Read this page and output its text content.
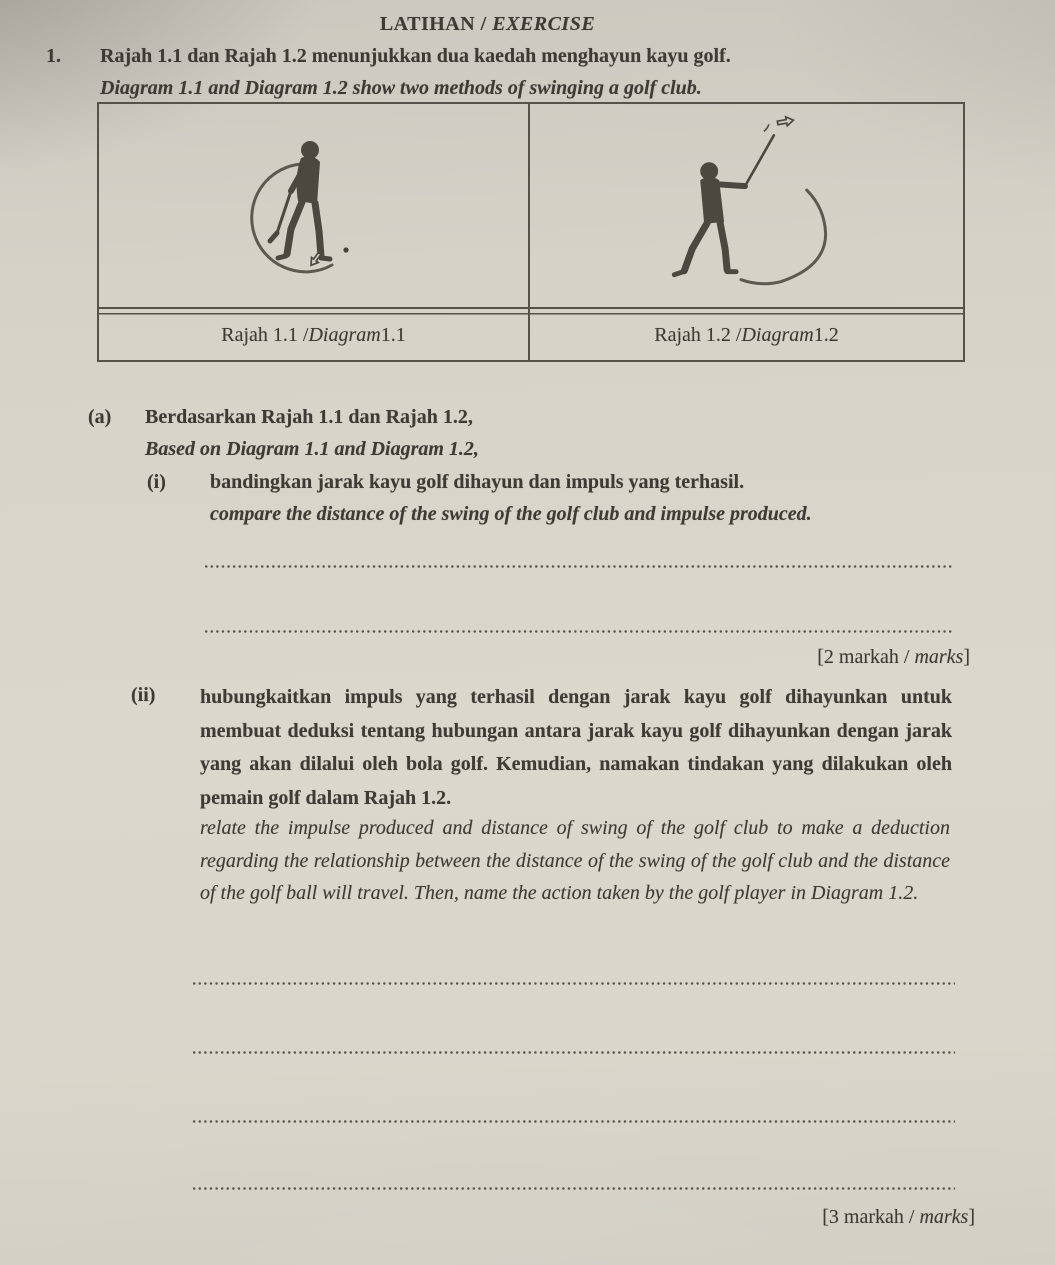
LATIHAN / EXERCISE
1. Rajah 1.1 dan Rajah 1.2 menunjukkan dua kaedah menghayun kayu golf.
Diagram 1.1 and Diagram 1.2 show two methods of swinging a golf club.
Rajah 1.1 / Diagram 1.1	Rajah 1.2 / Diagram 1.2
(a) Berdasarkan Rajah 1.1 dan Rajah 1.2,
Based on Diagram 1.1 and Diagram 1.2,
(i) bandingkan jarak kayu golf dihayun dan impuls yang terhasil.
compare the distance of the swing of the golf club and impulse produced.
[2 markah / marks]
(ii) hubungkaitkan impuls yang terhasil dengan jarak kayu golf dihayunkan untuk membuat deduksi tentang hubungan antara jarak kayu golf dihayunkan dengan jarak yang akan dilalui oleh bola golf. Kemudian, namakan tindakan yang dilakukan oleh pemain golf dalam Rajah 1.2.
relate the impulse produced and distance of swing of the golf club to make a deduction regarding the relationship between the distance of the swing of the golf club and the distance of the golf ball will travel. Then, name the action taken by the golf player in Diagram 1.2.
[3 markah / marks]
